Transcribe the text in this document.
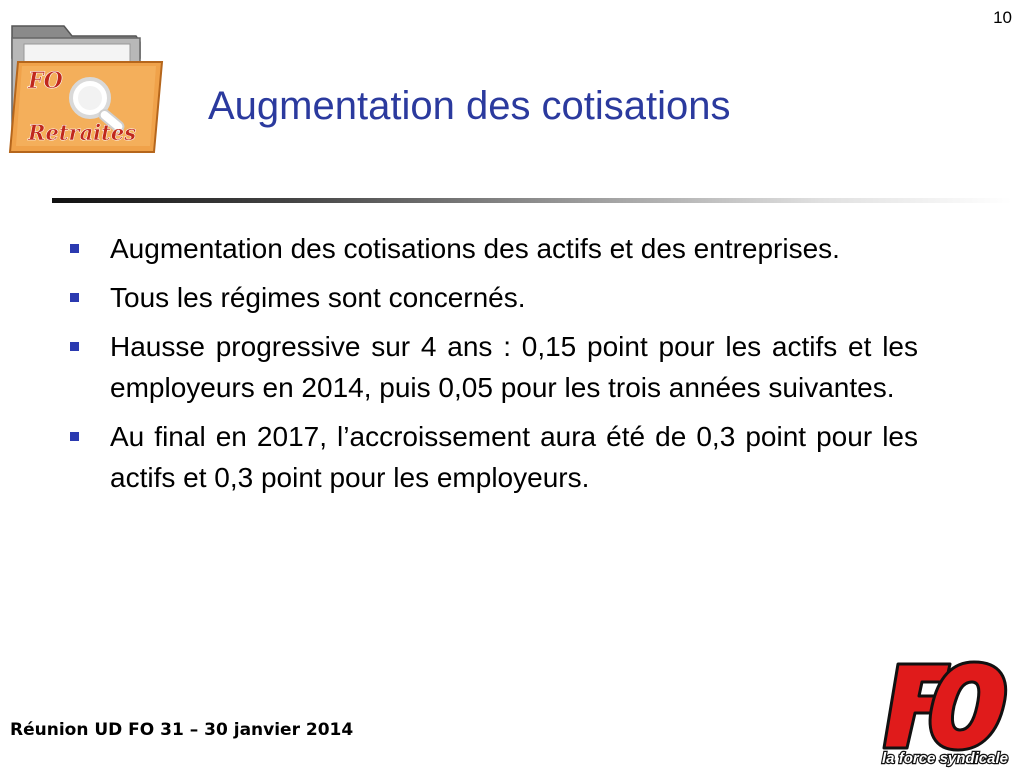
10
FO
Retraites
Augmentation des cotisations
Augmentation des cotisations des actifs et des entreprises.
Tous les régimes sont concernés.
Hausse progressive sur 4 ans : 0,15 point pour les actifs et les employeurs en 2014, puis 0,05 pour les trois années suivantes.
Au final en 2017, l’accroissement aura été de 0,3 point pour les actifs et 0,3 point pour les employeurs.
Réunion UD FO 31 – 30 janvier 2014
la force syndicale
